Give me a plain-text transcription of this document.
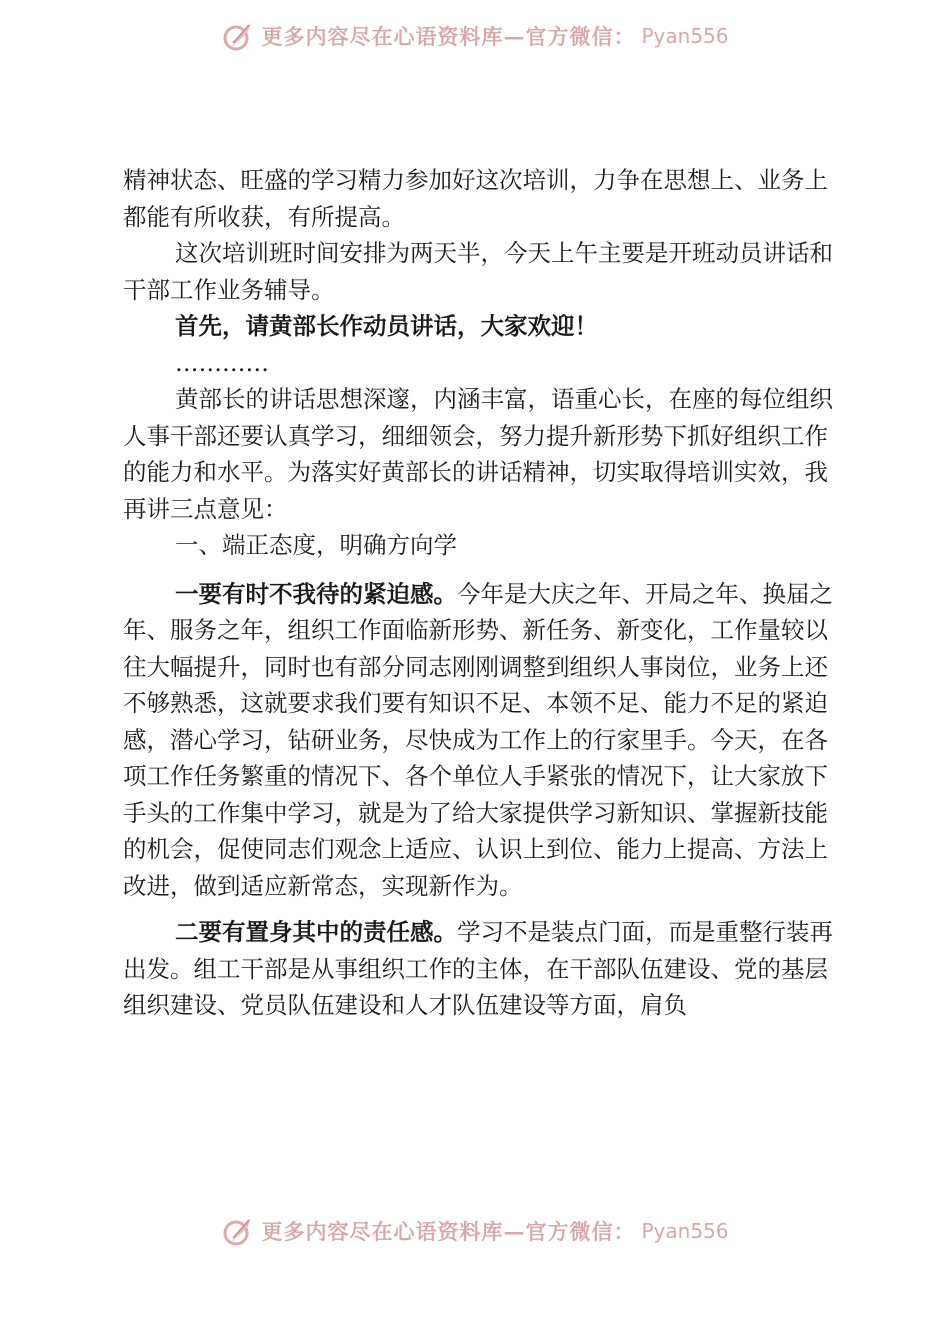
更多内容尽在心语资料库—官方微信： Pyan556

精神状态、旺盛的学习精力参加好这次培训，力争在思想上、业务上都能有所收获，有所提高。

这次培训班时间安排为两天半，今天上午主要是开班动员讲话和干部工作业务辅导。

首先，请黄部长作动员讲话，大家欢迎！

…………

黄部长的讲话思想深邃，内涵丰富，语重心长，在座的每位组织人事干部还要认真学习，细细领会，努力提升新形势下抓好组织工作的能力和水平。为落实好黄部长的讲话精神，切实取得培训实效，我再讲三点意见：

一、端正态度，明确方向学

一要有时不我待的紧迫感。今年是大庆之年、开局之年、换届之年、服务之年，组织工作面临新形势、新任务、新变化，工作量较以往大幅提升，同时也有部分同志刚刚调整到组织人事岗位，业务上还不够熟悉，这就要求我们要有知识不足、本领不足、能力不足的紧迫感，潜心学习，钻研业务，尽快成为工作上的行家里手。今天，在各项工作任务繁重的情况下、各个单位人手紧张的情况下，让大家放下手头的工作集中学习，就是为了给大家提供学习新知识、掌握新技能的机会，促使同志们观念上适应、认识上到位、能力上提高、方法上改进，做到适应新常态，实现新作为。

二要有置身其中的责任感。学习不是装点门面，而是重整行装再出发。组工干部是从事组织工作的主体，在干部队伍建设、党的基层组织建设、党员队伍建设和人才队伍建设等方面，肩负

更多内容尽在心语资料库—官方微信： Pyan556
